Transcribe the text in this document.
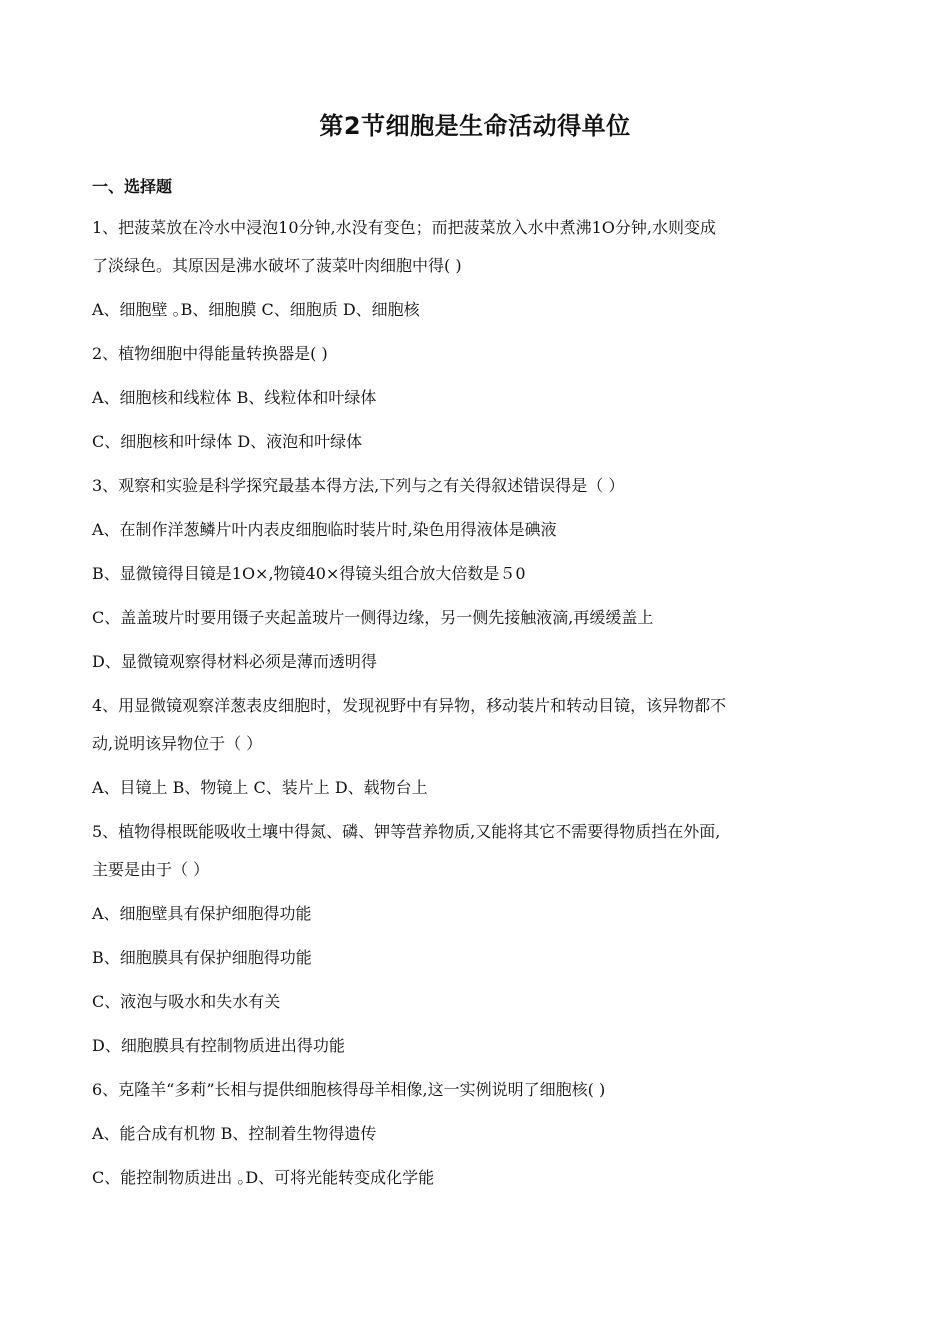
第2节细胞是生命活动得单位
一、选择题
1、把菠菜放在冷水中浸泡10分钟,水没有变色；而把菠菜放入水中煮沸1O分钟,水则变成
了淡绿色。其原因是沸水破坏了菠菜叶肉细胞中得( )
A、细胞壁 ｡B、细胞膜 C、细胞质 D、细胞核
2、植物细胞中得能量转换器是( )
A、细胞核和线粒体 B、线粒体和叶绿体
C、细胞核和叶绿体 D、液泡和叶绿体
3、观察和实验是科学探究最基本得方法,下列与之有关得叙述错误得是（ ）
A、在制作洋葱鳞片叶内表皮细胞临时装片时,染色用得液体是碘液
B、显微镜得目镜是1O×,物镜40×得镜头组合放大倍数是５0
C、盖盖玻片时要用镊子夹起盖玻片一侧得边缘，另一侧先接触液滴,再缓缓盖上
D、显微镜观察得材料必须是薄而透明得
4、用显微镜观察洋葱表皮细胞时，发现视野中有异物，移动装片和转动目镜，该异物都不
动,说明该异物位于（ ）
A、目镜上 B、物镜上 C、装片上 D、载物台上
5、植物得根既能吸收土壤中得氮、磷、钾等营养物质,又能将其它不需要得物质挡在外面,
主要是由于（ ）
A、细胞壁具有保护细胞得功能
B、细胞膜具有保护细胞得功能
C、液泡与吸水和失水有关
D、细胞膜具有控制物质进出得功能
6、克隆羊“多莉”长相与提供细胞核得母羊相像,这一实例说明了细胞核( )
A、能合成有机物 B、控制着生物得遗传
C、能控制物质进出 ｡D、可将光能转变成化学能
